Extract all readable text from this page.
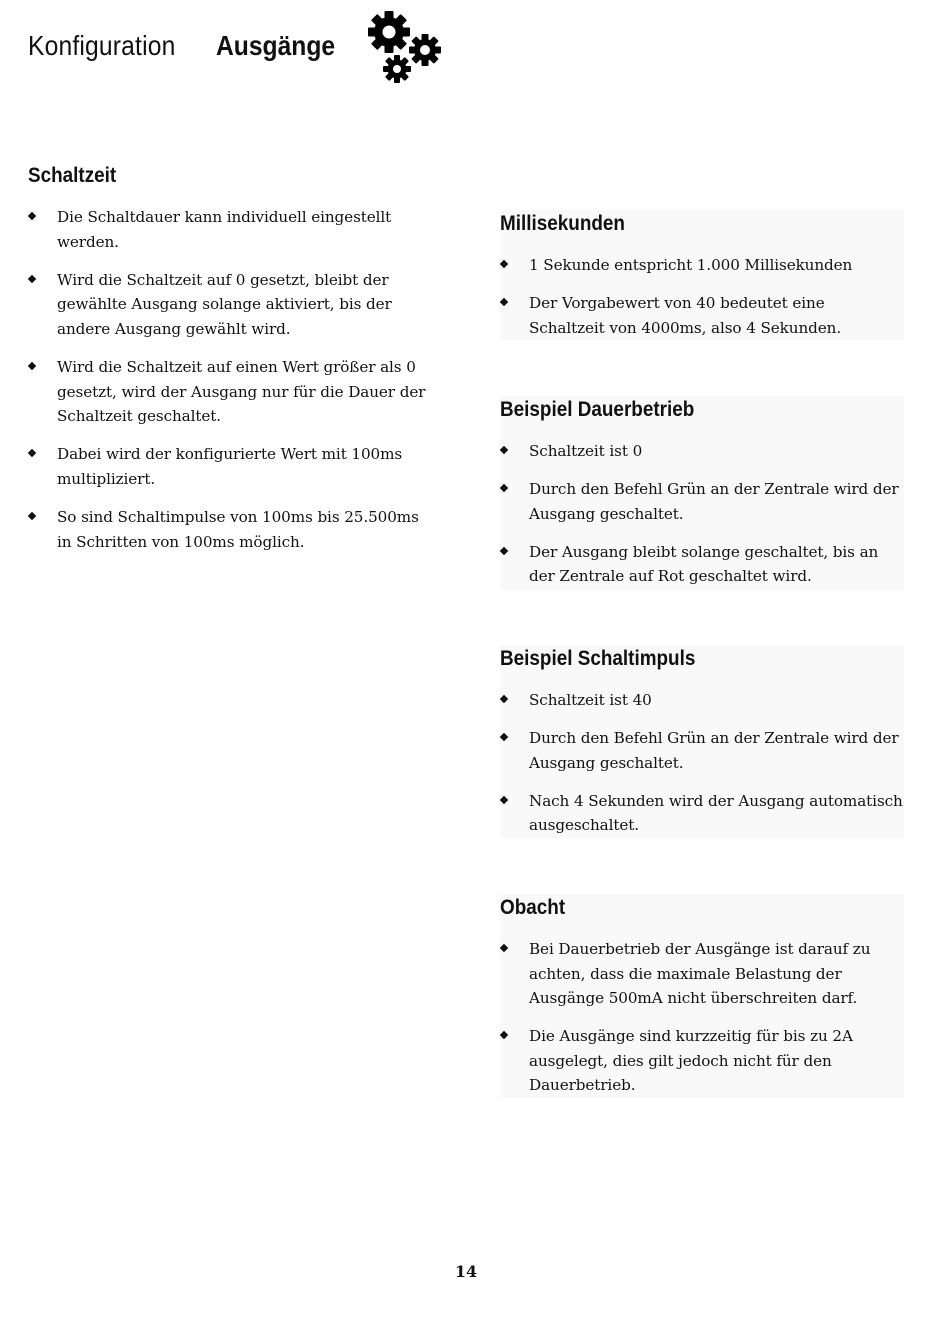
Konfiguration Ausgänge
Schaltzeit
Die Schaltdauer kann individuell eingestellt werden.
Wird die Schaltzeit auf 0 gesetzt, bleibt der gewählte Ausgang solange aktiviert, bis der andere Ausgang gewählt wird.
Wird die Schaltzeit auf einen Wert größer als 0 gesetzt, wird der Ausgang nur für die Dauer der Schaltzeit geschaltet.
Dabei wird der konfigurierte Wert mit 100ms multipliziert.
So sind Schaltimpulse von 100ms bis 25.500ms in Schritten von 100ms möglich.
Millisekunden
1 Sekunde entspricht 1.000 Millisekunden
Der Vorgabewert von 40 bedeutet eine Schaltzeit von 4000ms, also 4 Sekunden.
Beispiel Dauerbetrieb
Schaltzeit ist 0
Durch den Befehl Grün an der Zentrale wird der Ausgang geschaltet.
Der Ausgang bleibt solange geschaltet, bis an der Zentrale auf Rot geschaltet wird.
Beispiel Schaltimpuls
Schaltzeit ist 40
Durch den Befehl Grün an der Zentrale wird der Ausgang geschaltet.
Nach 4 Sekunden wird der Ausgang automatisch ausgeschaltet.
Obacht
Bei Dauerbetrieb der Ausgänge ist darauf zu achten, dass die maximale Belastung der Ausgänge 500mA nicht überschreiten darf.
Die Ausgänge sind kurzzeitig für bis zu 2A ausgelegt, dies gilt jedoch nicht für den Dauerbetrieb.
14
